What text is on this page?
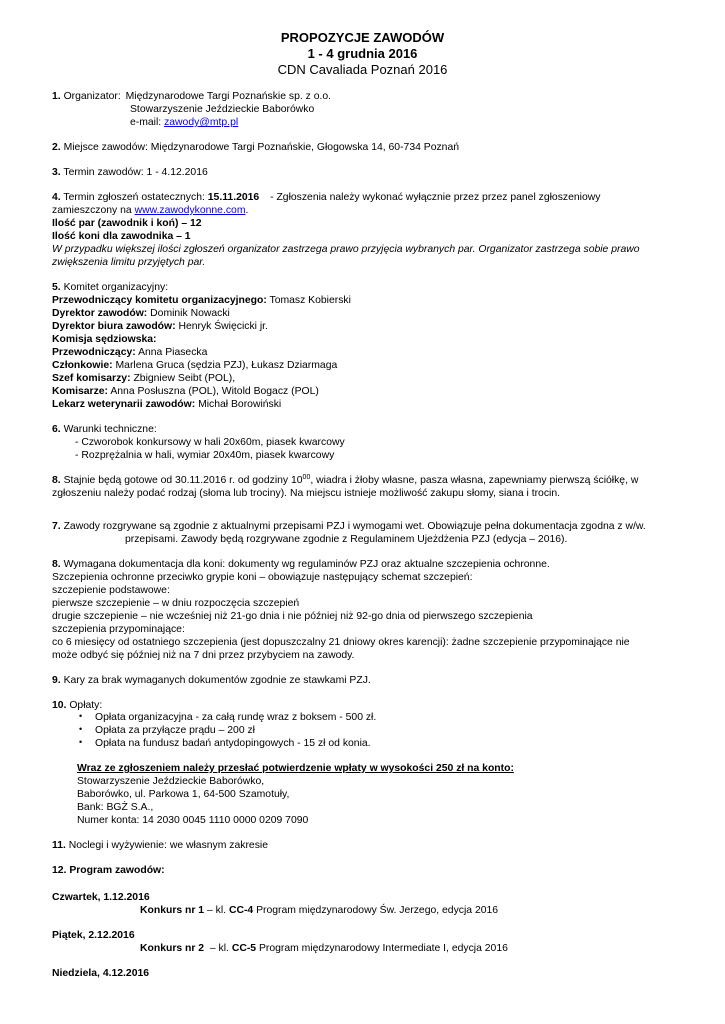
PROPOZYCJE ZAWODÓW
1 - 4 grudnia 2016
CDN Cavaliada Poznań 2016
1. Organizator: Międzynarodowe Targi Poznańskie sp. z o.o.
Stowarzyszenie Jeździeckie Baborówko
e-mail: zawody@mtp.pl
2. Miejsce zawodów: Międzynarodowe Targi Poznańskie, Głogowska 14, 60-734 Poznań
3. Termin zawodów: 1 - 4.12.2016
4. Termin zgłoszeń ostatecznych: 15.11.2016 - Zgłoszenia należy wykonać wyłącznie przez przez panel zgłoszeniowy
zamieszczony na www.zawodykonne.com.
Ilość par (zawodnik i koń) – 12
Ilość koni dla zawodnika – 1
W przypadku większej ilości zgłoszeń organizator zastrzega prawo przyjęcia wybranych par. Organizator zastrzega sobie prawo
zwiększenia limitu przyjętych par.
5. Komitet organizacyjny:
Przewodniczący komitetu organizacyjnego: Tomasz Kobierski
Dyrektor zawodów: Dominik Nowacki
Dyrektor biura zawodów: Henryk Święcicki jr.
Komisja sędziowska:
Przewodniczący: Anna Piasecka
Członkowie: Marlena Gruca (sędzia PZJ), Łukasz Dziarmaga
Szef komisarzy: Zbigniew Seibt (POL),
Komisarze: Anna Posłuszna (POL), Witold Bogacz (POL)
Lekarz weterynarii zawodów: Michał Borowiński
6. Warunki techniczne:
- Czworobok konkursowy w hali 20x60m, piasek kwarcowy
- Rozprężalnia w hali, wymiar 20x40m, piasek kwarcowy
8. Stajnie będą gotowe od 30.11.2016 r. od godziny $10^{00}$, wiadra i żłoby własne, pasza własna, zapewniamy pierwszą ściółkę, w
zgłoszeniu należy podać rodzaj (słoma lub trociny). Na miejscu istnieje możliwość zakupu słomy, siana i trocin.
7. Zawody rozgrywane są zgodnie z aktualnymi przepisami PZJ i wymogami wet. Obowiązuje pełna dokumentacja zgodna z w/w.
przepisami. Zawody będą rozgrywane zgodnie z Regulaminem Ujeżdżenia PZJ (edycja – 2016).
8. Wymagana dokumentacja dla koni: dokumenty wg regulaminów PZJ oraz aktualne szczepienia ochronne.
Szczepienia ochronne przeciwko grypie koni – obowiązuje następujący schemat szczepień:
szczepienie podstawowe:
pierwsze szczepienie – w dniu rozpoczęcia szczepień
drugie szczepienie – nie wcześniej niż 21-go dnia i nie później niż 92-go dnia od pierwszego szczepienia
szczepienia przypominające:
co 6 miesięcy od ostatniego szczepienia (jest dopuszczalny 21 dniowy okres karencji): żadne szczepienie przypominające nie
może odbyć się później niż na 7 dni przez przybyciem na zawody.
9. Kary za brak wymaganych dokumentów zgodnie ze stawkami PZJ.
10. Opłaty:
• Opłata organizacyjna - za całą rundę wraz z boksem - 500 zł.
• Opłata za przyłącze prądu – 200 zł
• Opłata na fundusz badań antydopingowych - 15 zł od konia.
Wraz ze zgłoszeniem należy przesłać potwierdzenie wpłaty w wysokości 250 zł na konto:
Stowarzyszenie Jeździeckie Baborówko,
Baborówko, ul. Parkowa 1, 64-500 Szamotuły,
Bank: BGŻ S.A.,
Numer konta: 14 2030 0045 1110 0000 0209 7090
11. Noclegi i wyżywienie: we własnym zakresie
12. Program zawodów:
Czwartek, 1.12.2016
Konkurs nr 1 – kl. CC-4 Program międzynarodowy Św. Jerzego, edycja 2016
Piątek, 2.12.2016
Konkurs nr 2  – kl. CC-5 Program międzynarodowy Intermediate I, edycja 2016
Niedziela, 4.12.2016
